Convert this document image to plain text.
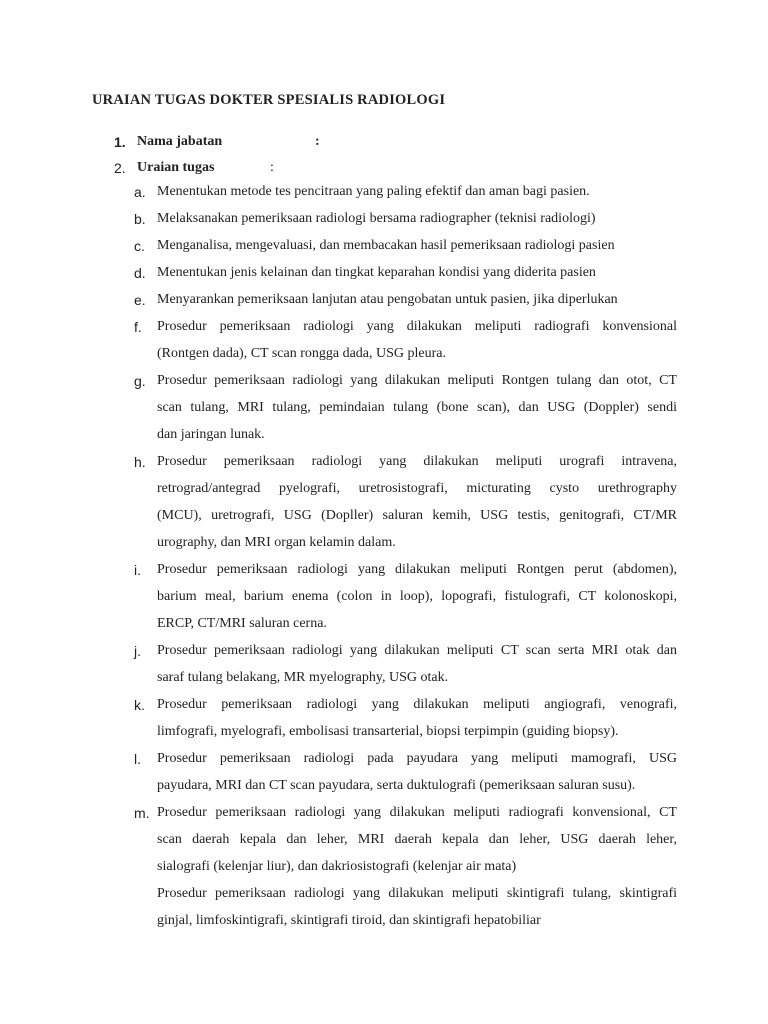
URAIAN TUGAS DOKTER SPESIALIS RADIOLOGI
1. Nama jabatan	:
2. Uraian tugas	:
a. Menentukan metode tes pencitraan yang paling efektif dan aman bagi pasien.
b. Melaksanakan pemeriksaan radiologi bersama radiographer (teknisi radiologi)
c. Menganalisa, mengevaluasi, dan membacakan hasil pemeriksaan radiologi pasien
d. Menentukan jenis kelainan dan tingkat keparahan kondisi yang diderita pasien
e. Menyarankan pemeriksaan lanjutan atau pengobatan untuk pasien, jika diperlukan
f.	Prosedur pemeriksaan radiologi yang dilakukan meliputi radiografi konvensional
(Rontgen dada), CT scan rongga dada, USG pleura.
g. Prosedur pemeriksaan radiologi yang dilakukan meliputi Rontgen tulang dan otot, CT
scan tulang, MRI tulang, pemindaian tulang (bone scan), dan USG (Doppler) sendi
dan jaringan lunak.
h. Prosedur pemeriksaan radiologi yang dilakukan meliputi urografi intravena,
retrograd/antegrad pyelografi, uretrosistografi, micturating cysto urethrography
(MCU), uretrografi, USG (Dopller) saluran kemih, USG testis, genitografi, CT/MR
urography, dan MRI organ kelamin dalam.
i.	Prosedur pemeriksaan radiologi yang dilakukan meliputi Rontgen perut (abdomen),
barium meal, barium enema (colon in loop), lopografi, fistulografi, CT kolonoskopi,
ERCP, CT/MRI saluran cerna.
j.	Prosedur pemeriksaan radiologi yang dilakukan meliputi CT scan serta MRI otak dan
saraf tulang belakang, MR myelography, USG otak.
k. Prosedur pemeriksaan radiologi yang dilakukan meliputi angiografi, venografi,
limfografi, myelografi, embolisasi transarterial, biopsi terpimpin (guiding biopsy).
l.	Prosedur pemeriksaan radiologi pada payudara yang meliputi mamografi, USG
payudara, MRI dan CT scan payudara, serta duktulografi (pemeriksaan saluran susu).
m. Prosedur pemeriksaan radiologi yang dilakukan meliputi radiografi konvensional, CT
scan daerah kepala dan leher, MRI daerah kepala dan leher, USG daerah leher,
sialografi (kelenjar liur), dan dakriosistografi (kelenjar air mata)
Prosedur pemeriksaan radiologi yang dilakukan meliputi skintigrafi tulang, skintigrafi
ginjal, limfoskintigrafi, skintigrafi tiroid, dan skintigrafi hepatobiliar
